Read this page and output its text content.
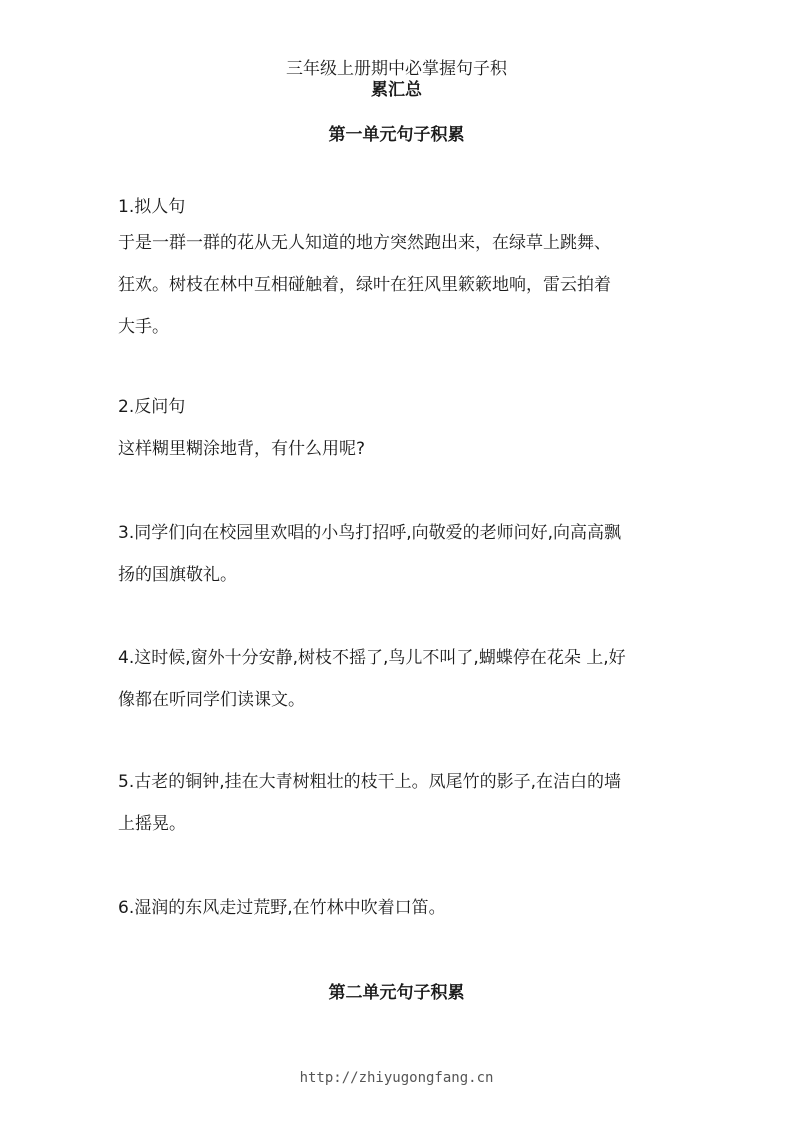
三年级上册期中必掌握句子积
累汇总
第一单元句子积累
1.拟人句
于是一群一群的花从无人知道的地方突然跑出来，在绿草上跳舞、
狂欢。树枝在林中互相碰触着，绿叶在狂风里簌簌地响，雷云拍着
大手。
2.反问句
这样糊里糊涂地背，有什么用呢?
3.同学们向在校园里欢唱的小鸟打招呼,向敬爱的老师问好,向高高飘
扬的国旗敬礼。
4.这时候,窗外十分安静,树枝不摇了,鸟儿不叫了,蝴蝶停在花朵 上,好
像都在听同学们读课文。
5.古老的铜钟,挂在大青树粗壮的枝干上。凤尾竹的影子,在洁白的墙
上摇晃。
6.湿润的东风走过荒野,在竹林中吹着口笛。
第二单元句子积累
http://zhiyugongfang.cn
